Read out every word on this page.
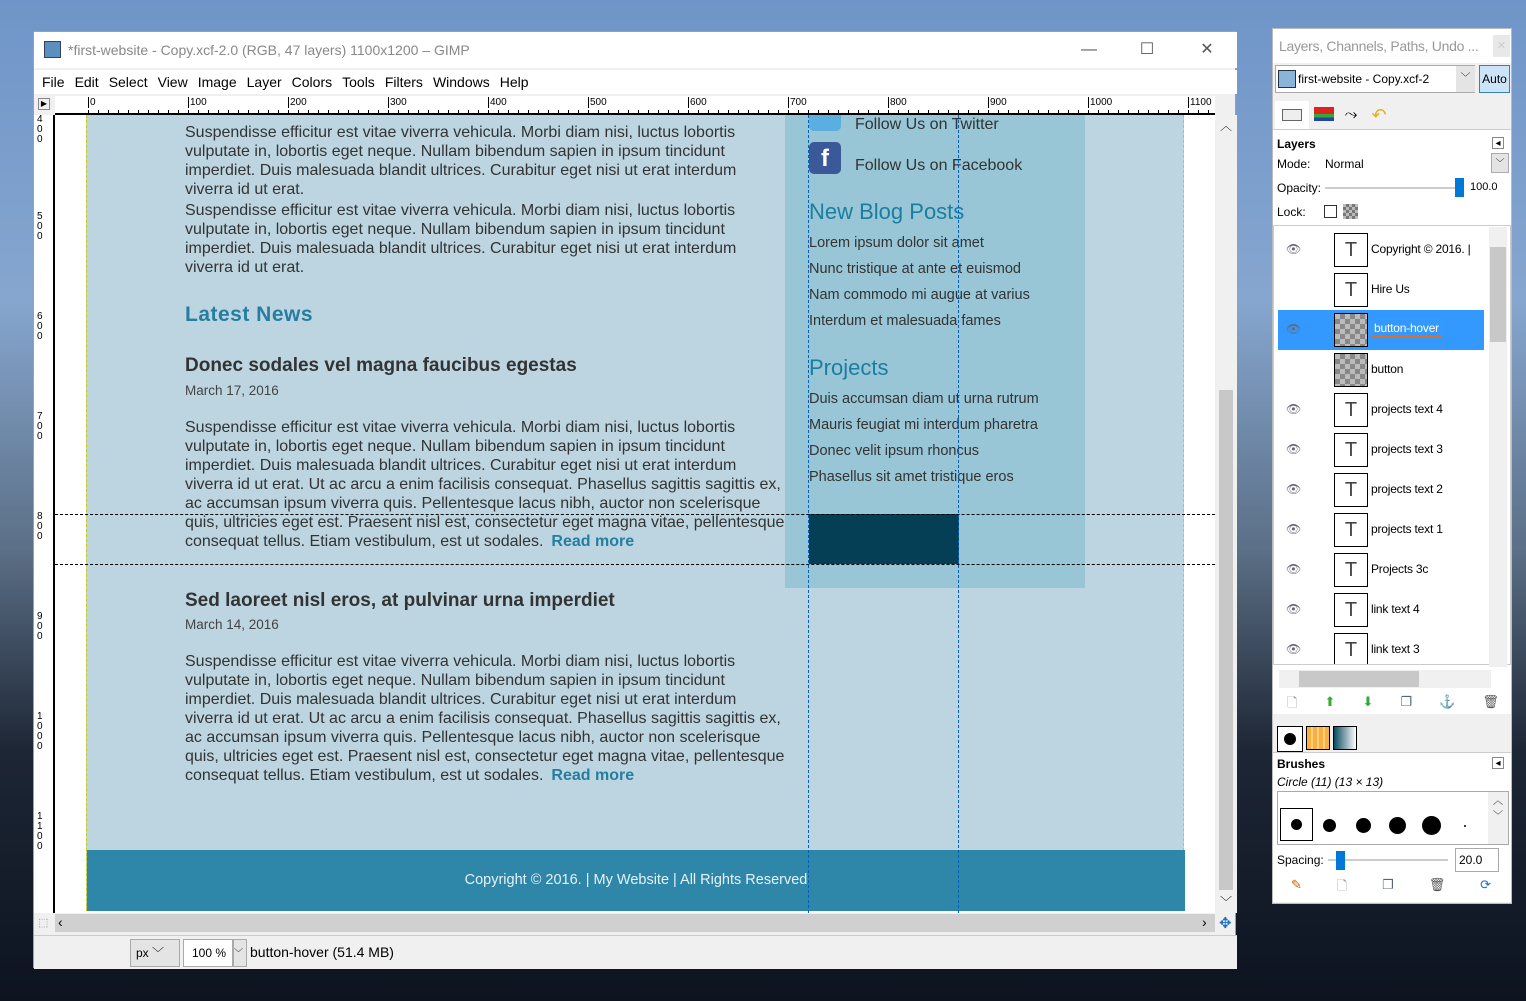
*first-website - Copy.xcf-2.0 (RGB, 47 layers) 1100x1200 – GIMP	—	☐	✕
File Edit Select View Image Layer Colors Tools Filters Windows Help
0	100	200	300	400	500	600	700	800	900	1000	1100
▶
400
500
600
700
800
900
1000
1100
Suspendisse efficitur est vitae viverra vehicula. Morbi diam nisi, luctus lobortis vulputate in, lobortis eget neque. Nullam bibendum sapien in ipsum tincidunt imperdiet. Duis malesuada blandit ultrices. Curabitur eget nisi ut erat interdum viverra id ut erat.
Suspendisse efficitur est vitae viverra vehicula. Morbi diam nisi, luctus lobortis vulputate in, lobortis eget neque. Nullam bibendum sapien in ipsum tincidunt imperdiet. Duis malesuada blandit ultrices. Curabitur eget nisi ut erat interdum viverra id ut erat.
Latest News
Donec sodales vel magna faucibus egestas
March 17, 2016
Suspendisse efficitur est vitae viverra vehicula. Morbi diam nisi, luctus lobortis vulputate in, lobortis eget neque. Nullam bibendum sapien in ipsum tincidunt imperdiet. Duis malesuada blandit ultrices. Curabitur eget nisi ut erat interdum viverra id ut erat. Ut ac arcu a enim facilisis consequat. Phasellus sagittis sagittis ex, ac accumsan ipsum viverra quis. Pellentesque lacus nibh, auctor non scelerisque quis, ultricies eget est. Praesent nisl est, consectetur eget magna vitae, pellentesque consequat tellus. Etiam vestibulum, est ut sodales. Read more
Sed laoreet nisl eros, at pulvinar urna imperdiet
March 14, 2016
Suspendisse efficitur est vitae viverra vehicula. Morbi diam nisi, luctus lobortis vulputate in, lobortis eget neque. Nullam bibendum sapien in ipsum tincidunt imperdiet. Duis malesuada blandit ultrices. Curabitur eget nisi ut erat interdum viverra id ut erat. Ut ac arcu a enim facilisis consequat. Phasellus sagittis sagittis ex, ac accumsan ipsum viverra quis. Pellentesque lacus nibh, auctor non scelerisque quis, ultricies eget est. Praesent nisl est, consectetur eget magna vitae, pellentesque consequat tellus. Etiam vestibulum, est ut sodales. Read more
Follow Us on Twitter
f	Follow Us on Facebook
New Blog Posts
Lorem ipsum dolor sit amet
Nunc tristique at ante et euismod
Nam commodo mi augue at varius
Interdum et malesuada fames
Projects
Duis accumsan diam ut urna rutrum
Mauris feugiat mi interdum pharetra
Donec velit ipsum rhoncus
Phasellus sit amet tristique eros
Copyright © 2016. | My Website | All Rights Reserved
︿
﹀
⬚ ‹	› ✥
px ﹀	100 % ﹀ button-hover (51.4 MB)
✕
Layers, Channels, Paths, Undo ...
first-website - Copy.xcf-2	﹀ Auto
⤳ ↶
Layers	◂
Mode: Normal	﹀
Opacity:	100.0
Lock:
👁	T	Copyright © 2016. |
T	Hire Us
👁	button-hover
button
👁	T	projects text 4
👁	T	projects text 3
👁	T	projects text 2
👁	T	projects text 1
👁	T	Projects 3c
👁	T	link text 4
👁	T	link text 3
🗋 ⬆ ⬇ ❐ ⚓ 🗑
Brushes	◂
Circle (11) (13 × 13)
︿
﹀
Spacing:	20.0
✎	🗋	❐	🗑	⟳
